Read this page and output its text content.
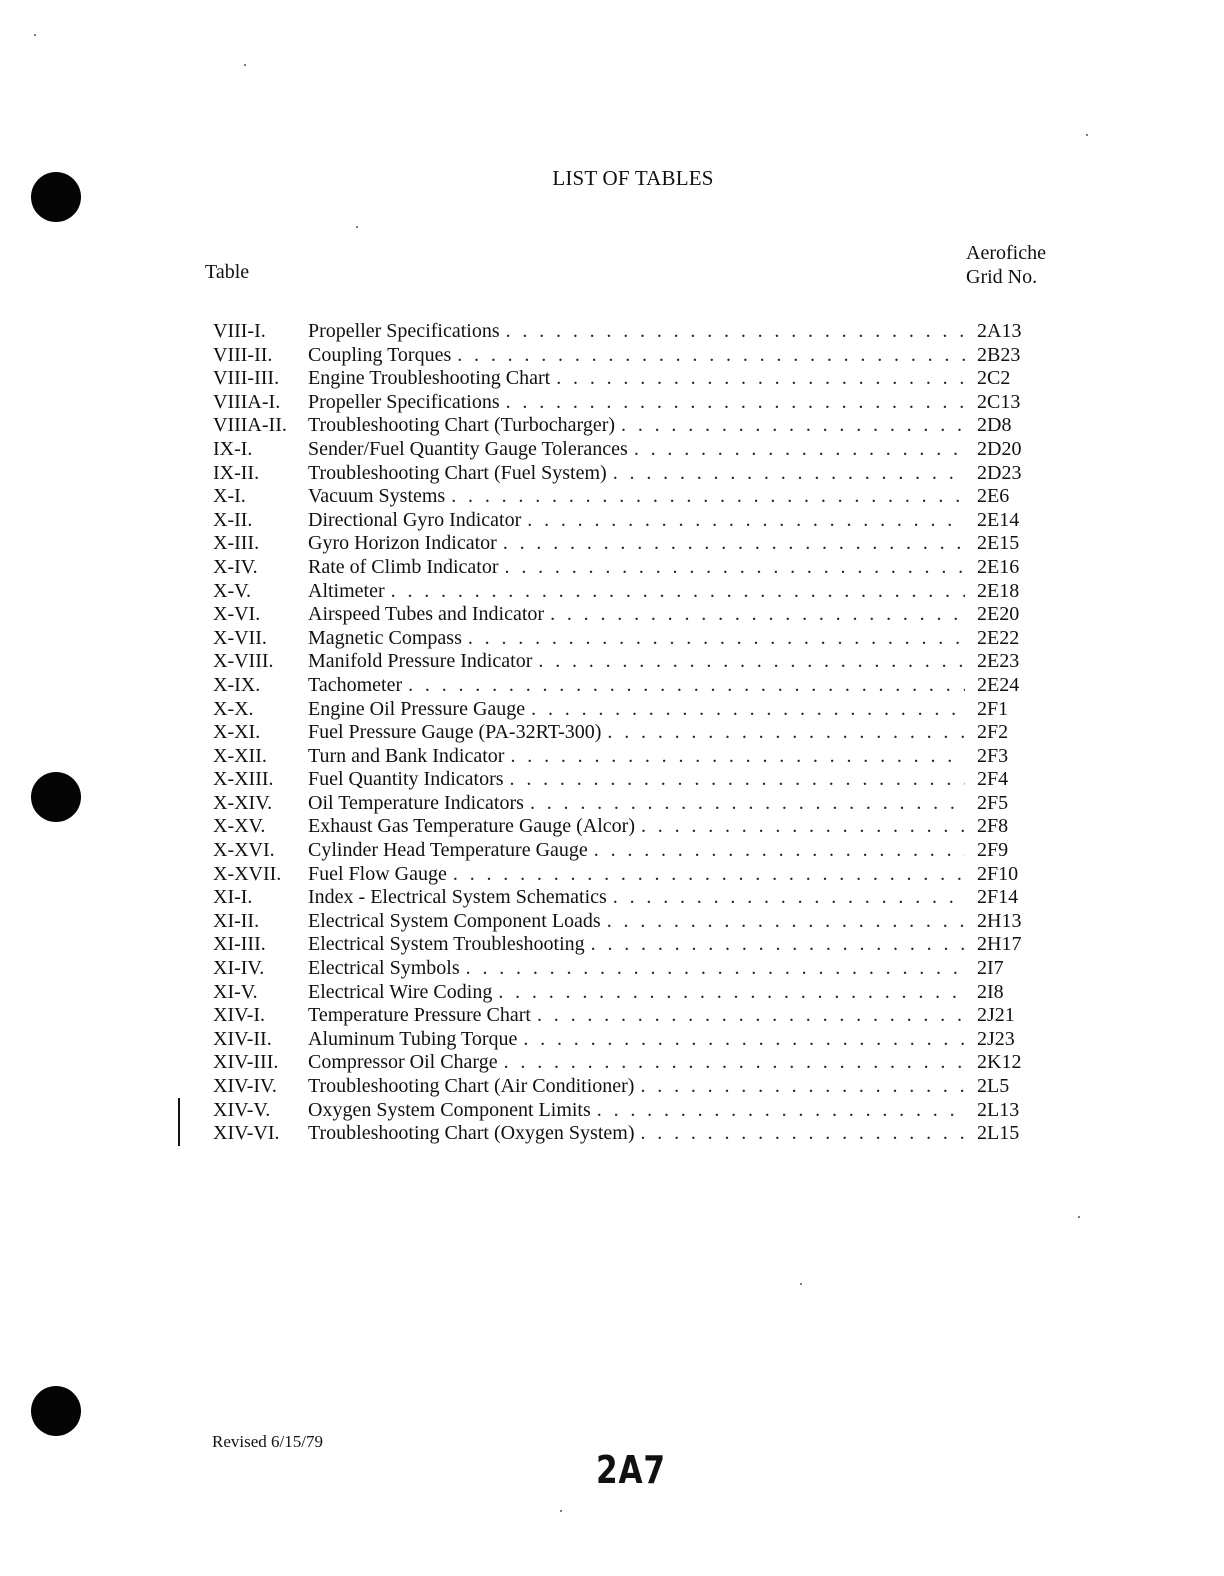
LIST OF TABLES
Table
Aerofiche
Grid No.
VIII-I.	Propeller Specifications . . .	2A13
VIII-II.	Coupling Torques . . .	2B23
VIII-III.	Engine Troubleshooting Chart . . .	2C2
VIIIA-I.	Propeller Specifications . . .	2C13
VIIIA-II.	Troubleshooting Chart (Turbocharger) . . .	2D8
IX-I.	Sender/Fuel Quantity Gauge Tolerances . . .	2D20
IX-II.	Troubleshooting Chart (Fuel System) . . .	2D23
X-I.	Vacuum Systems . . .	2E6
X-II.	Directional Gyro Indicator . . .	2E14
X-III.	Gyro Horizon Indicator . . .	2E15
X-IV.	Rate of Climb Indicator . . .	2E16
X-V.	Altimeter . . .	2E18
X-VI.	Airspeed Tubes and Indicator . . .	2E20
X-VII.	Magnetic Compass . . .	2E22
X-VIII.	Manifold Pressure Indicator . . .	2E23
X-IX.	Tachometer . . .	2E24
X-X.	Engine Oil Pressure Gauge . . .	2F1
X-XI.	Fuel Pressure Gauge (PA-32RT-300) . . .	2F2
X-XII.	Turn and Bank Indicator . . .	2F3
X-XIII.	Fuel Quantity Indicators . . .	2F4
X-XIV.	Oil Temperature Indicators . . .	2F5
X-XV.	Exhaust Gas Temperature Gauge (Alcor) . . .	2F8
X-XVI.	Cylinder Head Temperature Gauge . . .	2F9
X-XVII.	Fuel Flow Gauge . . .	2F10
XI-I.	Index - Electrical System Schematics . . .	2F14
XI-II.	Electrical System Component Loads . . .	2H13
XI-III.	Electrical System Troubleshooting . . .	2H17
XI-IV.	Electrical Symbols . . .	2I7
XI-V.	Electrical Wire Coding . . .	2I8
XIV-I.	Temperature Pressure Chart . . .	2J21
XIV-II.	Aluminum Tubing Torque . . .	2J23
XIV-III.	Compressor Oil Charge . . .	2K12
XIV-IV.	Troubleshooting Chart (Air Conditioner) . . .	2L5
XIV-V.	Oxygen System Component Limits . . .	2L13
XIV-VI.	Troubleshooting Chart (Oxygen System) . . .	2L15
Revised 6/15/79
2A7
